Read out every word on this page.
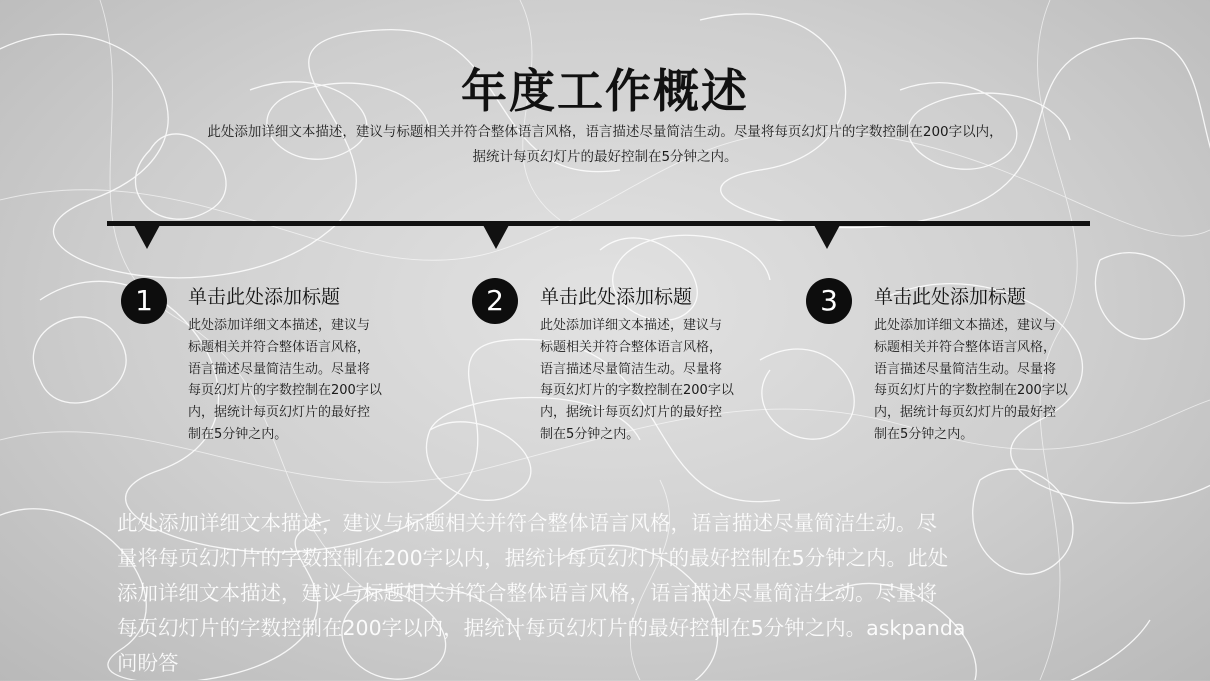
年度工作概述
此处添加详细文本描述，建议与标题相关并符合整体语言风格，语言描述尽量简洁生动。尽量将每页幻灯片的字数控制在200字以内，
据统计每页幻灯片的最好控制在5分钟之内。
1	单击此处添加标题
此处添加详细文本描述，建议与
标题相关并符合整体语言风格，
语言描述尽量简洁生动。尽量将
每页幻灯片的字数控制在200字以
内，据统计每页幻灯片的最好控
制在5分钟之内。
2	单击此处添加标题
此处添加详细文本描述，建议与
标题相关并符合整体语言风格，
语言描述尽量简洁生动。尽量将
每页幻灯片的字数控制在200字以
内，据统计每页幻灯片的最好控
制在5分钟之内。
3	单击此处添加标题
此处添加详细文本描述，建议与
标题相关并符合整体语言风格，
语言描述尽量简洁生动。尽量将
每页幻灯片的字数控制在200字以
内，据统计每页幻灯片的最好控
制在5分钟之内。
此处添加详细文本描述，建议与标题相关并符合整体语言风格，语言描述尽量简洁生动。尽
量将每页幻灯片的字数控制在200字以内，据统计每页幻灯片的最好控制在5分钟之内。此处
添加详细文本描述，建议与标题相关并符合整体语言风格，语言描述尽量简洁生动。尽量将
每页幻灯片的字数控制在200字以内，据统计每页幻灯片的最好控制在5分钟之内。askpanda
问盼答
